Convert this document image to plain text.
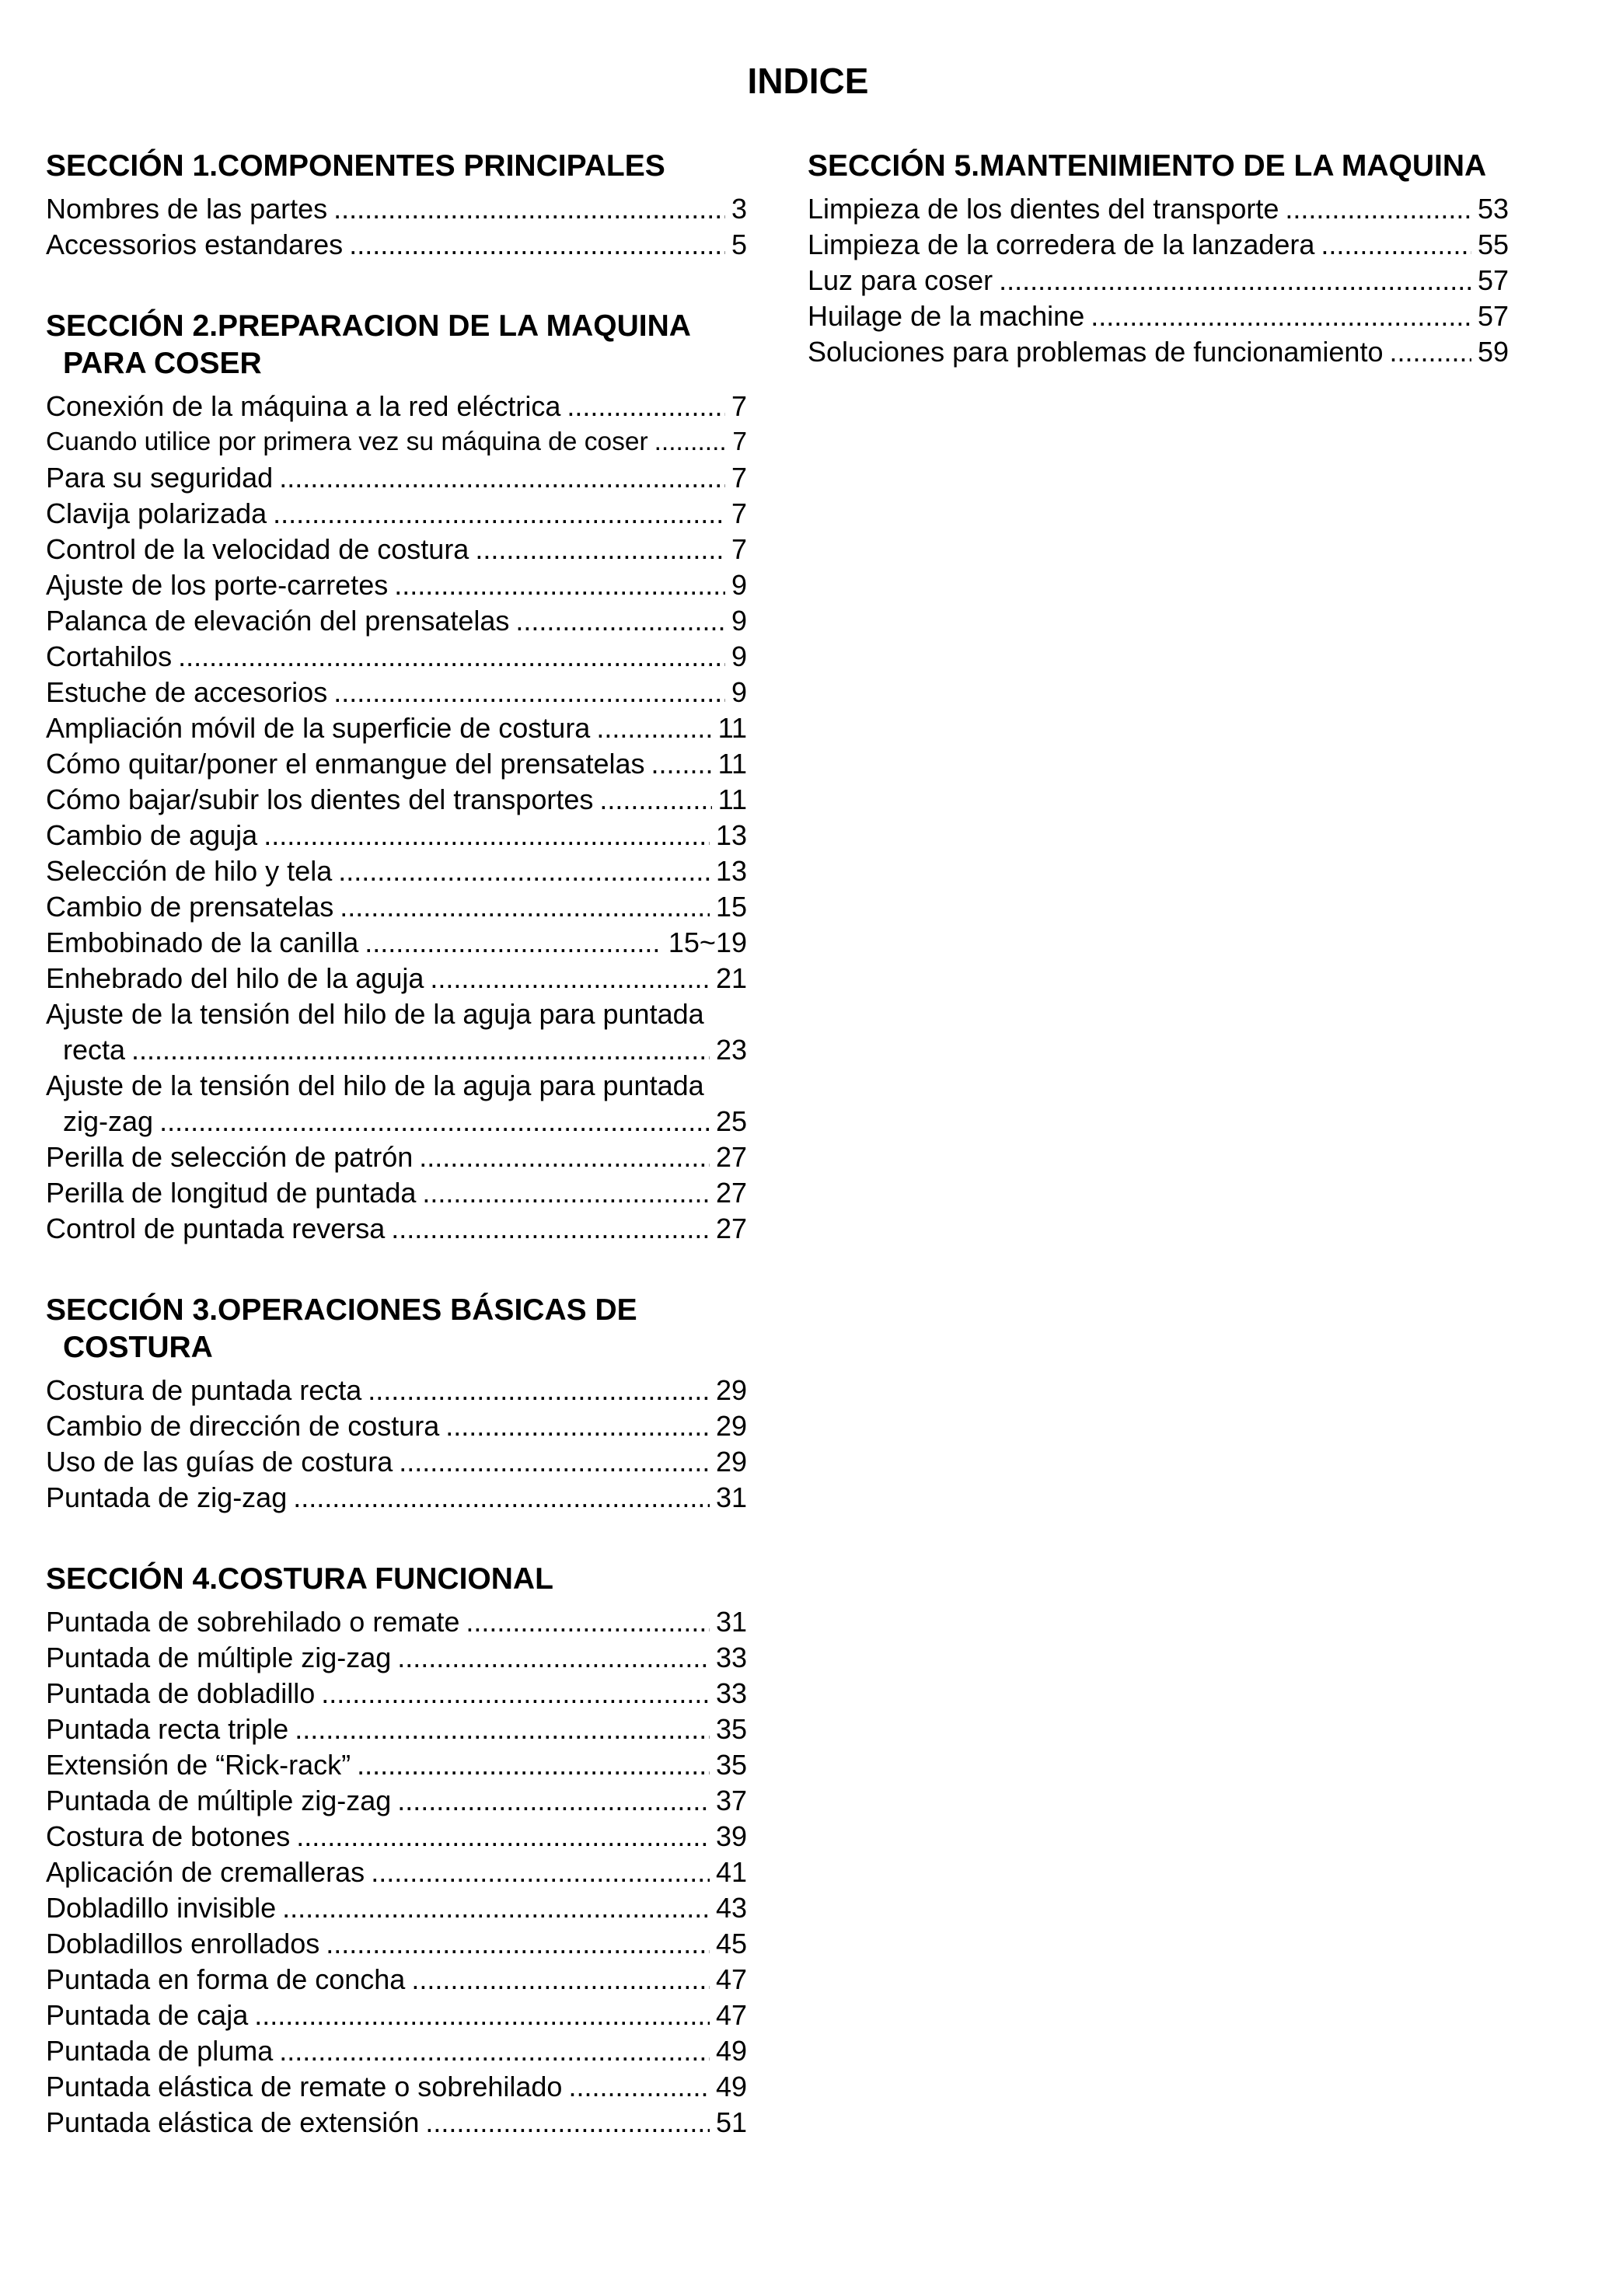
INDICE
SECCIÓN 1.COMPONENTES PRINCIPALES
Nombres de las partes .....	3
Accessorios estandares .....	5
SECCIÓN 2.PREPARACION DE LA MAQUINA
PARA COSER
Conexión de la máquina a la red eléctrica .....	7
Cuando utilice por primera vez su máquina de coser .....	7
Para su seguridad .....	7
Clavija polarizada .....	7
Control de la velocidad de costura .....	7
Ajuste de los porte-carretes .....	9
Palanca de elevación del prensatelas .....	9
Cortahilos .....	9
Estuche de accesorios .....	9
Ampliación móvil de la superficie de costura .....	11
Cómo quitar/poner el enmangue del prensatelas .....	11
Cómo bajar/subir los dientes del transportes .....	11
Cambio de aguja .....	13
Selección de hilo y tela .....	13
Cambio de prensatelas .....	15
Embobinado de la canilla .....	15~19
Enhebrado del hilo de la aguja .....	21
Ajuste de la tensión del hilo de la aguja para puntada
recta .....	23
Ajuste de la tensión del hilo de la aguja para puntada
zig-zag .....	25
Perilla de selección de patrón .....	27
Perilla de longitud de puntada .....	27
Control de puntada reversa .....	27
SECCIÓN 3.OPERACIONES BÁSICAS DE
COSTURA
Costura de puntada recta .....	29
Cambio de dirección de costura .....	29
Uso de las guías de costura .....	29
Puntada de zig-zag .....	31
SECCIÓN 4.COSTURA FUNCIONAL
Puntada de sobrehilado o remate .....	31
Puntada de múltiple zig-zag .....	33
Puntada de dobladillo .....	33
Puntada recta triple .....	35
Extensión de “Rick-rack” .....	35
Puntada de múltiple zig-zag .....	37
Costura de botones .....	39
Aplicación de cremalleras .....	41
Dobladillo invisible .....	43
Dobladillos enrollados .....	45
Puntada en forma de concha .....	47
Puntada de caja .....	47
Puntada de pluma .....	49
Puntada elástica de remate o sobrehilado .....	49
Puntada elástica de extensión .....	51
SECCIÓN 5.MANTENIMIENTO DE LA MAQUINA
Limpieza de los dientes del transporte .....	53
Limpieza de la corredera de la lanzadera .....	55
Luz para coser .....	57
Huilage de la machine .....	57
Soluciones para problemas de funcionamiento .....	59
